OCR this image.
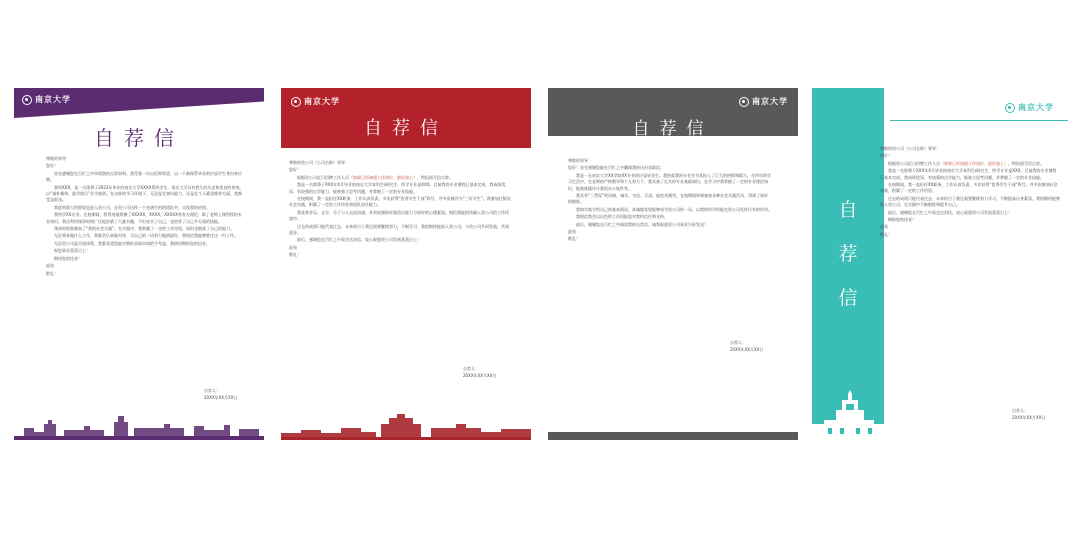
南京大学
自荐信

尊敬的领导：

您好！

首先感谢您在百忙之中审阅我的自荐材料。我凭着一份自信和希望，以一个新闻系毕业的应届学生身份来应聘。

我叫XXX，是一名即将于2023年毕业的南京大学XXXX系的学生。南京大学具有悠久的历史和优良的传统，以“诚朴雄伟，励学敦行”作为校训。在这样的学习环境下，无论是在知识能力，还是在个人素质修养方面，我都受益匪浅。

我此时最大的愿望是进入贵公司，在贵公司这样一个充满生机的团队中，实现我的价值。

我所学XX专业。在校期间，我系统地掌握了XXXXX、XXXX、XXXXX等有关理论；除了老师上课所授的专业知识，我还利用课余时间广泛地涉猎了大量书籍，不但充实了自己，也培养了自己多方面的技能。

课余时间我参加了“我的社会实践”，在实践中，我积累了一定的工作经验，同时也锻炼了自己的能力。

无论将来做什么工作，我都会认真地对待，尽自己的一切努力做到最好，我相信我能够胜任这一份工作。

无论贵公司是否选择我，我都希望您能对我的求职申请给予考虑，我热切期盼您的回音。

祝您事业蒸蒸日上！

期待您的佳音！

此致

敬礼！

自荐人：
20XX年XX月XX日
南京大学
自荐信

尊敬的贵公司（公司名称）领导：

您好！

根据贵公司近日招聘工作人员（如果已经知道工作岗位，最好加上），特投函写信自荐。

我是一名即将于XXX年X月毕业的南京大学本科生/研究生，所学专业是XXX。目前我的专业课程已基本完成，我成绩优异，有较强的自学能力，能够独立思考问题，并掌握了一定的专业技能。

在校期间，我一直担任XX职务，工作认真负责，多次获得“优秀学生干部”称号，并多次被评为“三好学生”。我参加过数次社会实践，积累了一定的工作经验和团队协作能力。

我喜欢音乐、文学，乐于与人交流沟通，具有较强的环境适应能力与较好的心理素质。相信我能很快融入贵公司的工作环境中。

过去的成绩只能代表过去，未来的日子我还需要继续努力，不断学习，我很期待能加入贵公司，与贵公司共同发展，共同进步。

最后，感谢您在百忙之中看完这封信，衷心祝愿贵公司发展蒸蒸日上！

此致

敬礼！

自荐人：
20XX年XX月XX日
南京大学
自荐信

尊敬的领导：

您好！首先感谢您能在百忙之中翻阅我的这份求职信。

我是一名南京大学XX学院XX专业的应届毕业生。我热爱我的专业并为其投入了巨大的热情和精力，在四年的学习生活中，在老师的严格教导和个人努力下，我具备了扎实的专业基础知识，在学习中我掌握了一定的专业理论知识，能熟练操作计算机办公软件等。

我具有“三贯穿”的风格，诚实、守信、尽责，能吃苦耐劳，在校期间积极参加各种社会实践活动，得到了较好的锻炼。

我如实地介绍自己的基本情况，真诚地希望能够成为贵公司的一员，以我的所学所能在贵公司发挥应有的作用。

我相信我会以出色的工作回报您对我的信任和支持。

最后，谢谢您在百忙之中阅读我的自荐信，诚挚祝愿贵公司事业兴旺发达！

此致

敬礼！

自荐人：
20XX年XX月XX日
自
荐
信
南京大学

尊敬的贵公司（公司名称）领导：

您好！

根据贵公司近日招聘工作人员（如果已经知道工作岗位，最好加上），特投函写信自荐。

我是一名即将于XXX年X月毕业的南京大学本科生/研究生，所学专业是XXX。目前我的专业课程已基本完成，我成绩优异，有较强的自学能力，能独立思考问题，并掌握了一定的专业技能。

在校期间，我一直担任XX职务，工作认真负责，多次获得“优秀学生干部”称号，并多次参加社会实践，积累了一定的工作经验。

过去的成绩只能代表过去，未来的日子我还需要继续努力学习，不断提高自身素质，我很期待能够加入贵公司，在实践中不断锻炼和提升自己。

最后，感谢您在百忙之中看完这封信，衷心祝愿贵公司发展蒸蒸日上！

期盼您的佳音！

此致

敬礼！

自荐人：
20XX年XX月XX日
